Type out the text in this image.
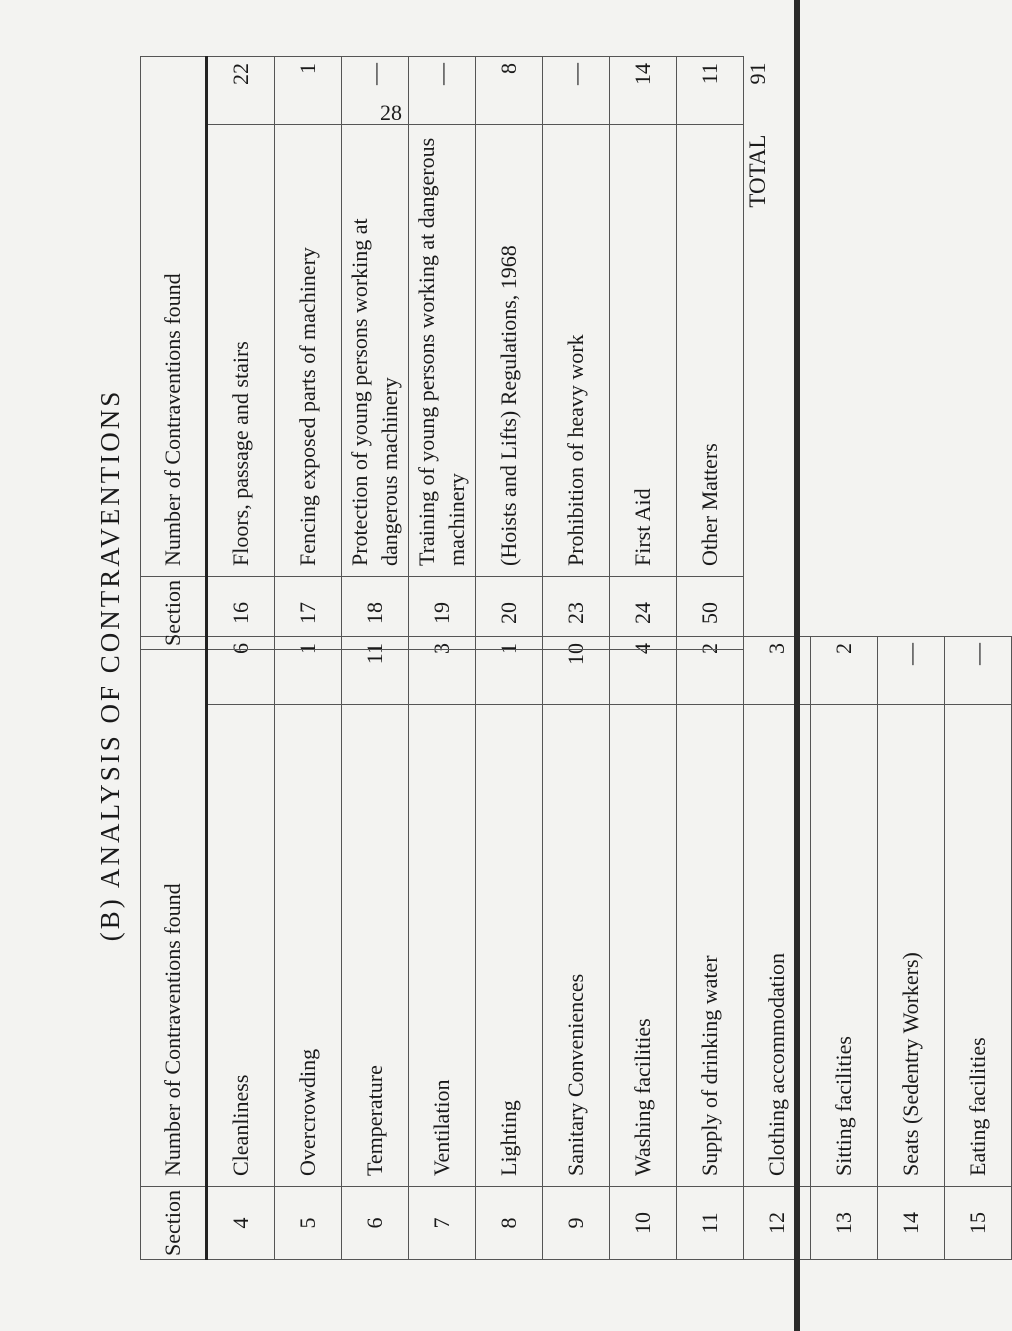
28
(B) ANALYSIS OF CONTRAVENTIONS
Section	Number of Contraventions found	
4	Cleanliness	6
5	Overcrowding	1
6	Temperature	11
7	Ventilation	3
8	Lighting	1
9	Sanitary Conveniences	10
10	Washing facilities	4
11	Supply of drinking water	2
12	Clothing accommodation	3
13	Sitting facilities	2
14	Seats (Sedentry Workers)	—
15	Eating facilities	—
Section	Number of Contraventions found	
16	Floors, passage and stairs	22
17	Fencing exposed parts of machinery	1
18	Protection of young persons working at dangerous machinery	—
19	Training of young persons working at dangerous machinery	—
20	(Hoists and Lifts) Regulations, 1968	8
23	Prohibition of heavy work	—
24	First Aid	14
50	Other Matters	11
	TOTAL	91
